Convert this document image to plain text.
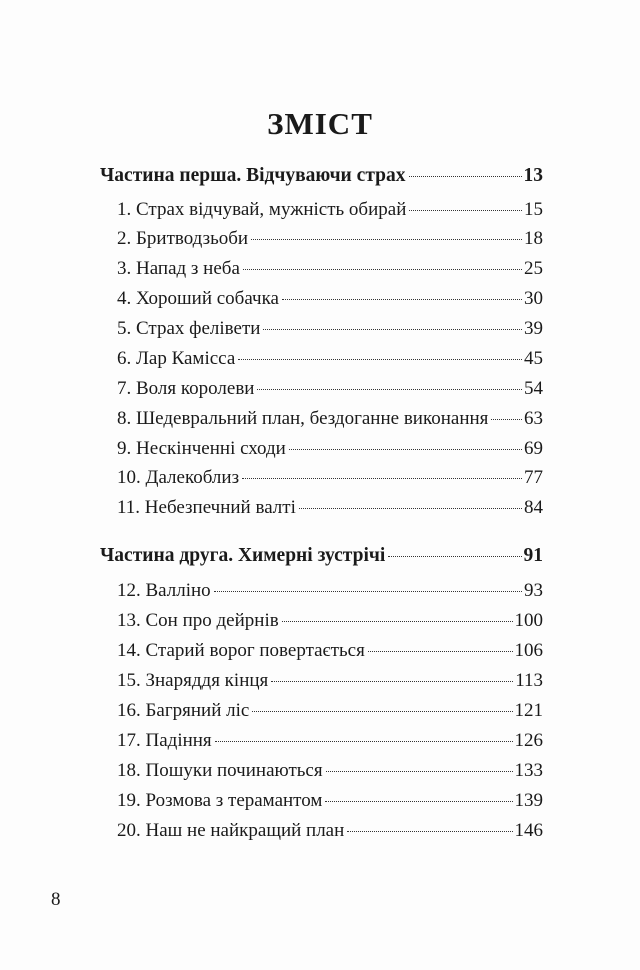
ЗМІСТ
Частина перша. Відчуваючи страх	13
1. Страх відчувай, мужність обирай	15
2. Бритводзьоби	18
3. Напад з неба	25
4. Хороший собачка	30
5. Страх фелівети	39
6. Лар Камісса	45
7. Воля королеви	54
8. Шедевральний план, бездоганне виконання 63
9. Нескінченні сходи	69
10. Далекоблиз	77
11. Небезпечний валті	84
Частина друга. Химерні зустрічі	91
12. Валліно	93
13. Сон про дейрнів	100
14. Старий ворог повертається	106
15. Знаряддя кінця	113
16. Багряний ліс	121
17. Падіння	126
18. Пошуки починаються	133
19. Розмова з терамантом	139
20. Наш не найкращий план	146
8
